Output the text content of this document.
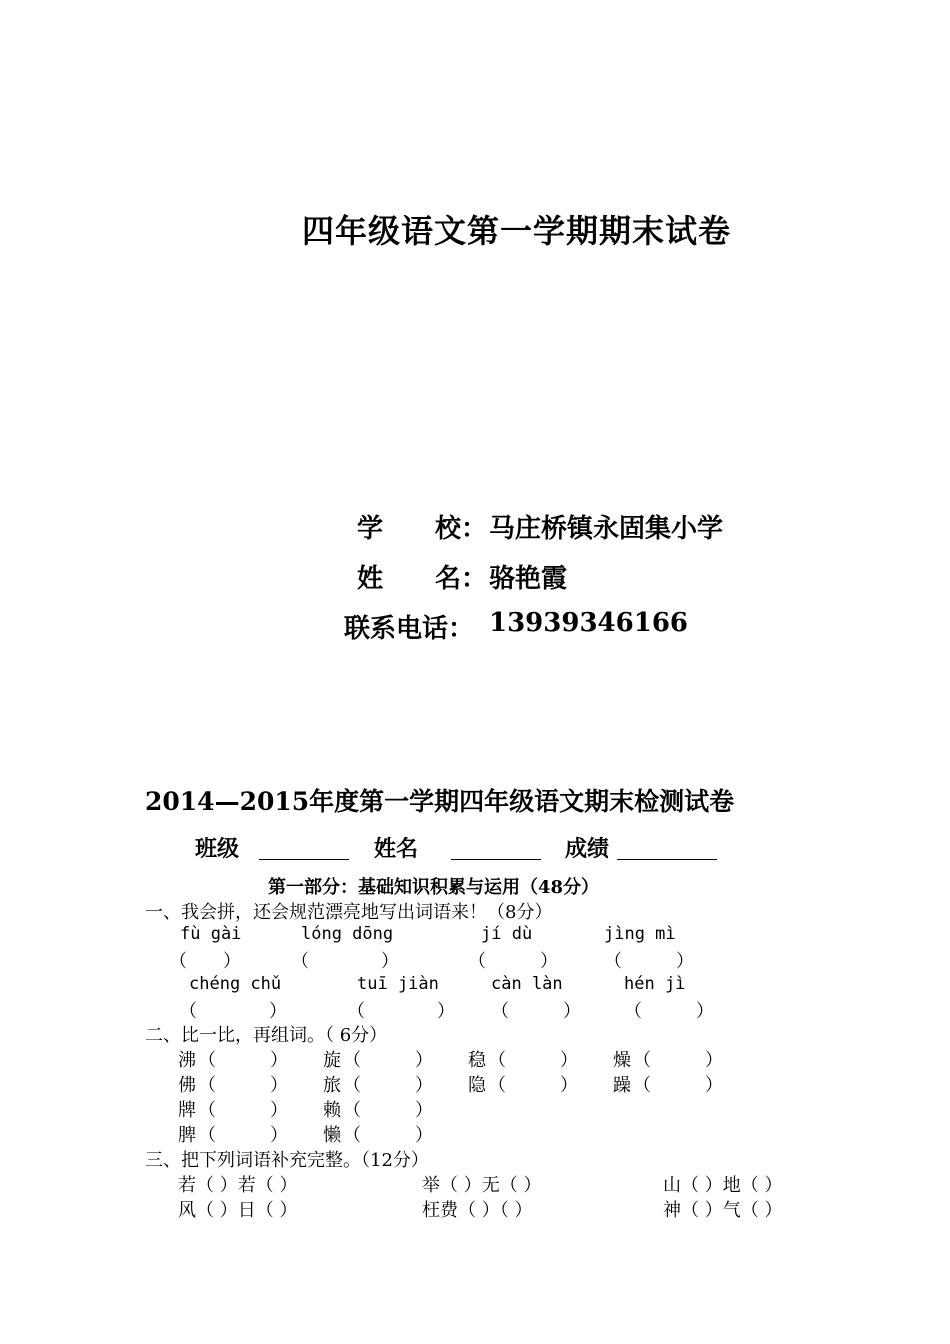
四年级语文第一学期期末试卷
学　　校： 马庄桥镇永固集小学
姓　　名： 骆艳霞
联系电话： 13939346166
2014—2015年度第一学期四年级语文期末检测试卷
班级	姓名	成绩
第一部分：基础知识积累与运用（48分）
一、我会拼，还会规范漂亮地写出词语来！（8分）
fù gài	lóng dōng	jí dù	jìng mì
（　　）	（　　　　）	（　　　）	（　　　）
chéng chǔ	tuī jiàn	càn làn	hén jì
（　　　　）	（　　　　） （　　　） （　　　）
二、比一比，再组词。（ 6分）
沸 （　　　） 旋 （　　　） 稳 （　　　） 燥 （　　　）
佛 （　　　） 旅 （　　　） 隐 （　　　） 躁 （　　　）
牌 （　　　） 赖 （　　　）
脾 （　　　） 懒 （　　　）
三、把下列词语补充完整。（12分）
若（ ）若（ ）	举（ ）无（ ）	山（ ）地（ ）
风（ ）日（ ）	枉费（ ）（ ）	神（ ）气（ ）
